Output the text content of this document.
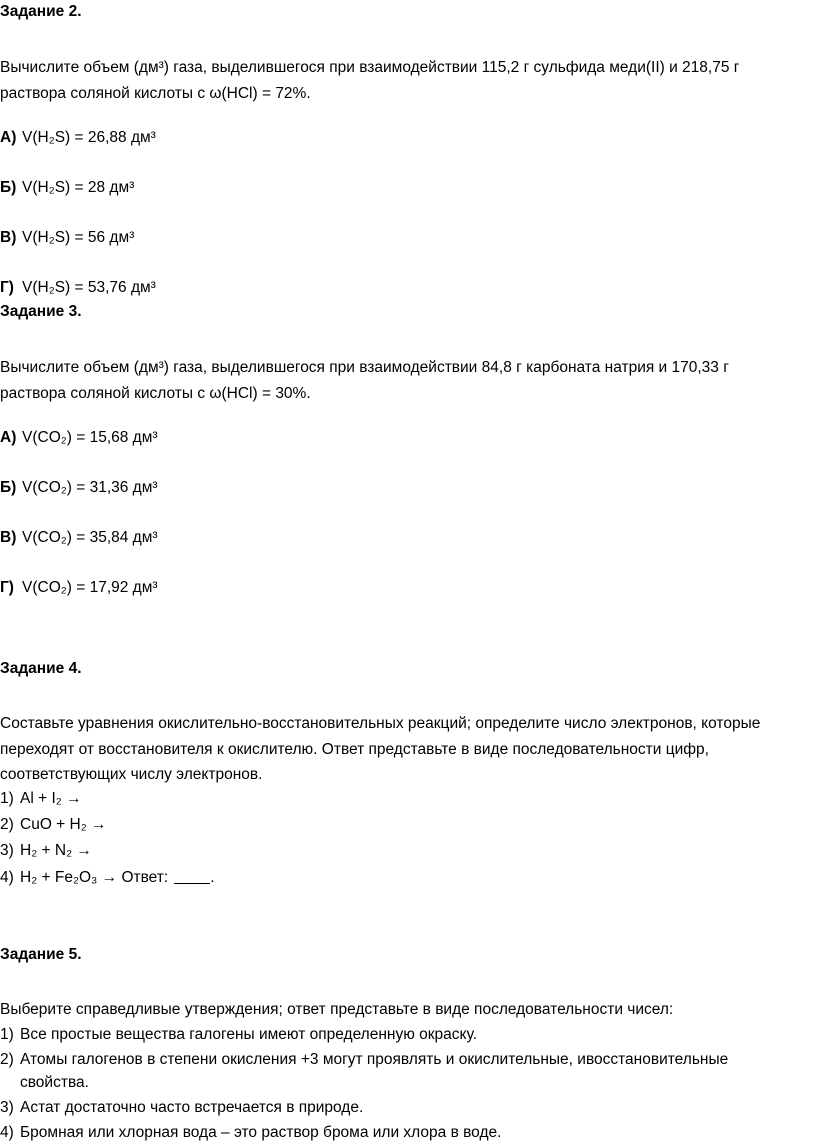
Задание 2.
Вычислите объем (дм³) газа, выделившегося при взаимодействии 115,2 г сульфида меди(II) и 218,75 г
раствора соляной кислоты с ω(HCl) = 72%.
А) V(H₂S) = 26,88 дм³
Б) V(H₂S) = 28 дм³
В) V(H₂S) = 56 дм³
Г) V(H₂S) = 53,76 дм³
Задание 3.
Вычислите объем (дм³) газа, выделившегося при взаимодействии 84,8 г карбоната натрия и 170,33 г
раствора соляной кислоты с ω(HCl) = 30%.
А) V(CO₂) = 15,68 дм³
Б) V(CO₂) = 31,36 дм³
В) V(CO₂) = 35,84 дм³
Г) V(CO₂) = 17,92 дм³
Задание 4.
Составьте уравнения окислительно-восстановительных реакций; определите число электронов, которые
переходят от восстановителя к окислителю. Ответ представьте в виде последовательности цифр,
соответствующих числу электронов.
1) Al + I₂ →
2) CuO + H₂ →
3) H₂ + N₂ →
4) H₂ + Fe₂O₃ → Ответ:	.
Задание 5.
Выберите справедливые утверждения; ответ представьте в виде последовательности чисел:
1) Все простые вещества галогены имеют определенную окраску.
2) Атомы галогенов в степени окисления +3 могут проявлять и окислительные, ивосстановительные
свойства.
3) Астат достаточно часто встречается в природе.
4) Бромная или хлорная вода – это раствор брома или хлора в воде.
